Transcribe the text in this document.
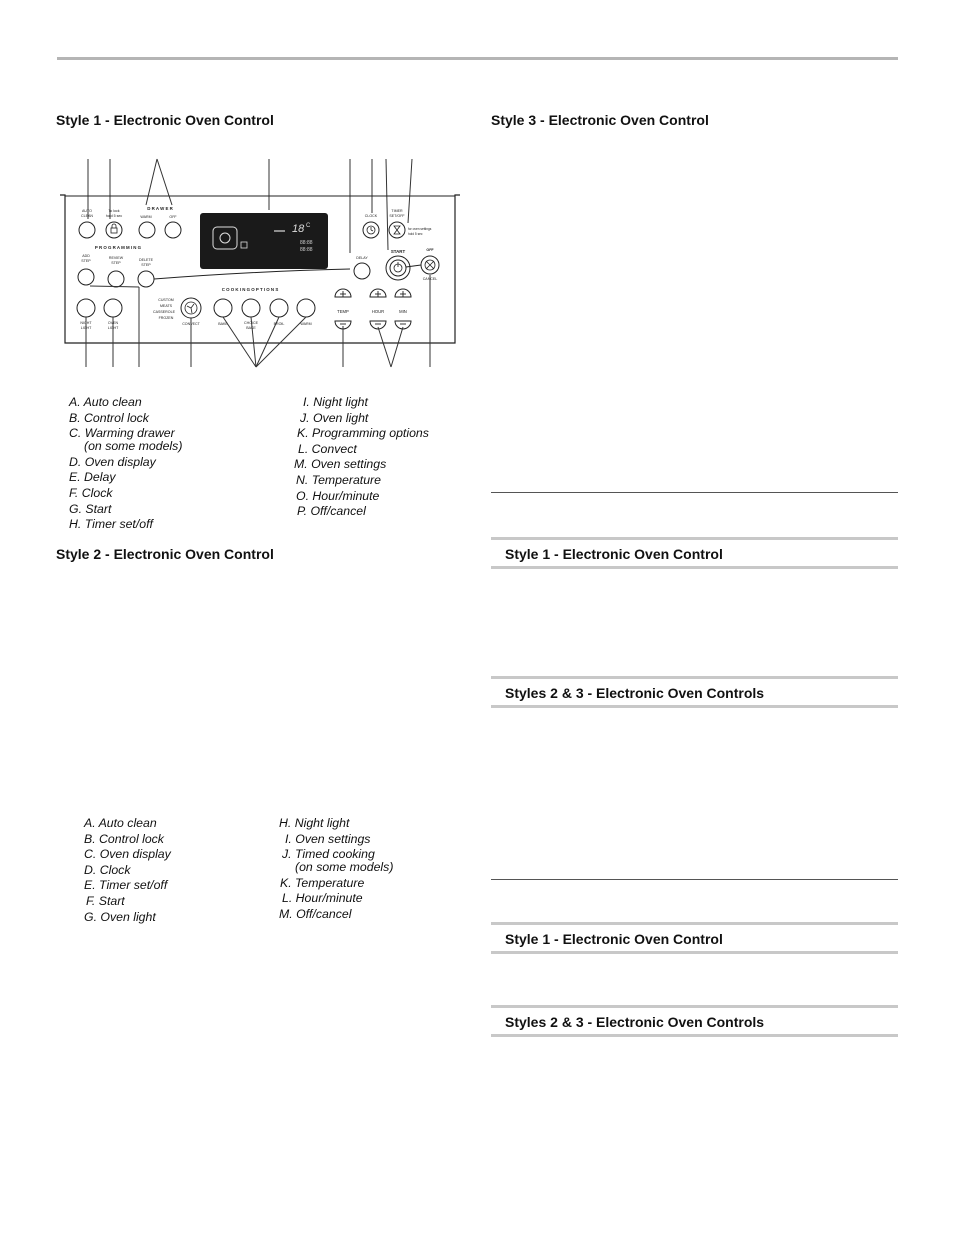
Style 1 - Electronic Oven Control
18 C
88:88
88:88
AUTO
CLEAN
To lock
hold 5 sec
D R A W E R
WARM	OFF	CLOCK
TIMER
SET/OFF
P R O G R A M M I N G
ADD
STEP
REVIEW
STEP
DELETE
STEP
DELAY
START	OFF
CANCEL
C O O K I N G O P T I O N S
CUSTOM
MEATS
CASSEROLE
FROZEN
NIGHT
LIGHT
OVEN
LIGHT
CONVECT	BAKE	CHOICE
BAKE
BROIL	WARM
TEMP	HOUR	MIN
for oven settings
hold 5 sec
A. Auto clean
B. Control lock
C. Warming drawer
(on some models)
D. Oven display
E. Delay
F. Clock
G. Start
H. Timer set/off
I. Night light
J. Oven light
K. Programming options
L. Convect
M. Oven settings
N. Temperature
O. Hour/minute
P. Off/cancel
Style 2 - Electronic Oven Control
A. Auto clean
B. Control lock
C. Oven display
D. Clock
E. Timer set/off
F. Start
G. Oven light
H. Night light
I. Oven settings
J. Timed cooking
(on some models)
K. Temperature
L. Hour/minute
M. Off/cancel
Style 3 - Electronic Oven Control
Style 1 - Electronic Oven Control
Styles 2 & 3 - Electronic Oven Controls
Style 1 - Electronic Oven Control
Styles 2 & 3 - Electronic Oven Controls
